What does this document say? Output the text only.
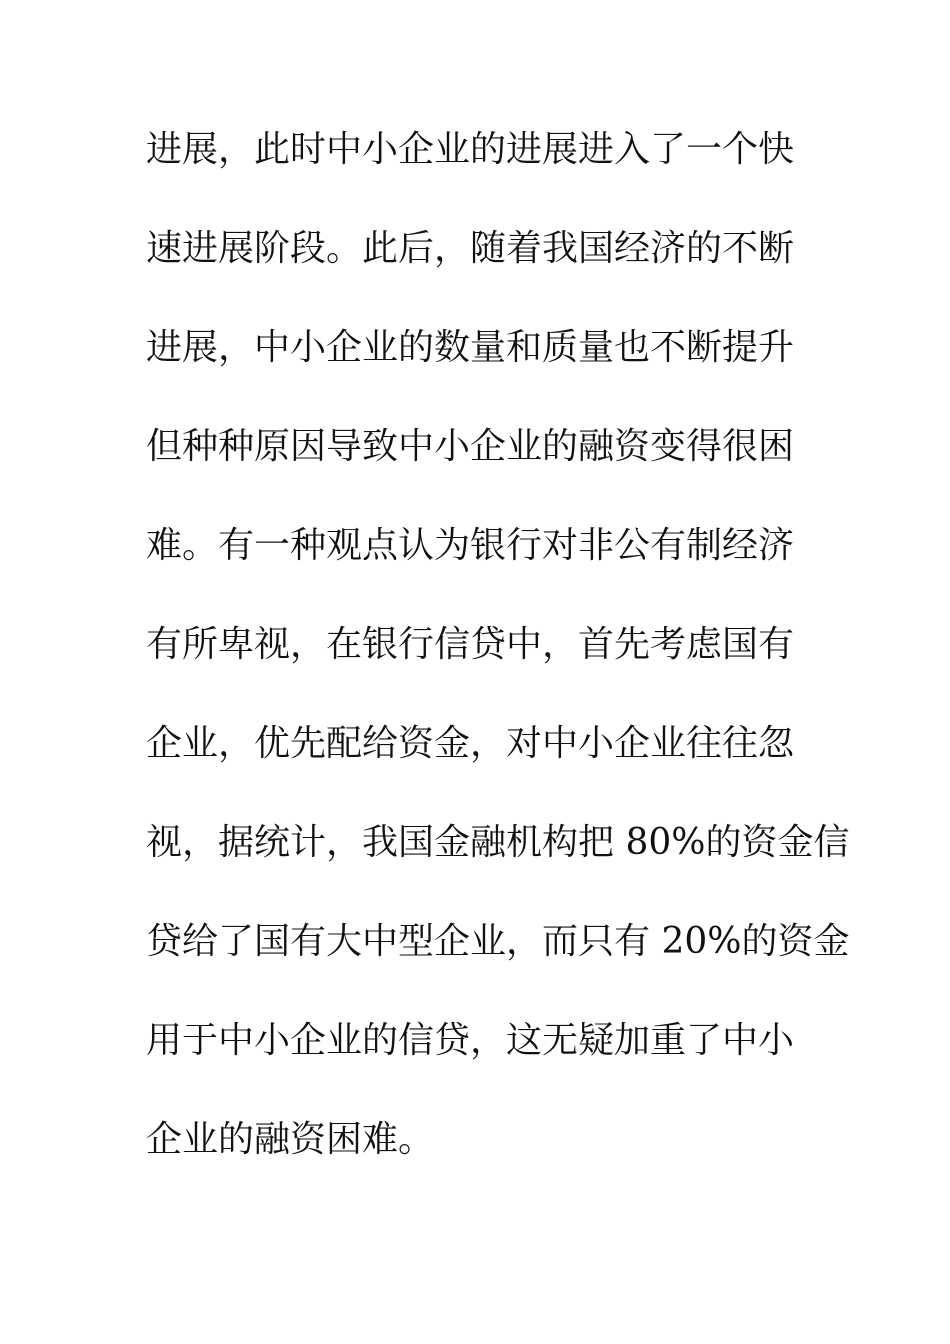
进展，此时中小企业的进展进入了一个快
速进展阶段。此后，随着我国经济的不断
进展，中小企业的数量和质量也不断提升
但种种原因导致中小企业的融资变得很困
难。有一种观点认为银行对非公有制经济
有所卑视，在银行信贷中，首先考虑国有
企业，优先配给资金，对中小企业往往忽
视，据统计，我国金融机构把 80%的资金信
贷给了国有大中型企业，而只有 20%的资金
用于中小企业的信贷，这无疑加重了中小
企业的融资困难。
